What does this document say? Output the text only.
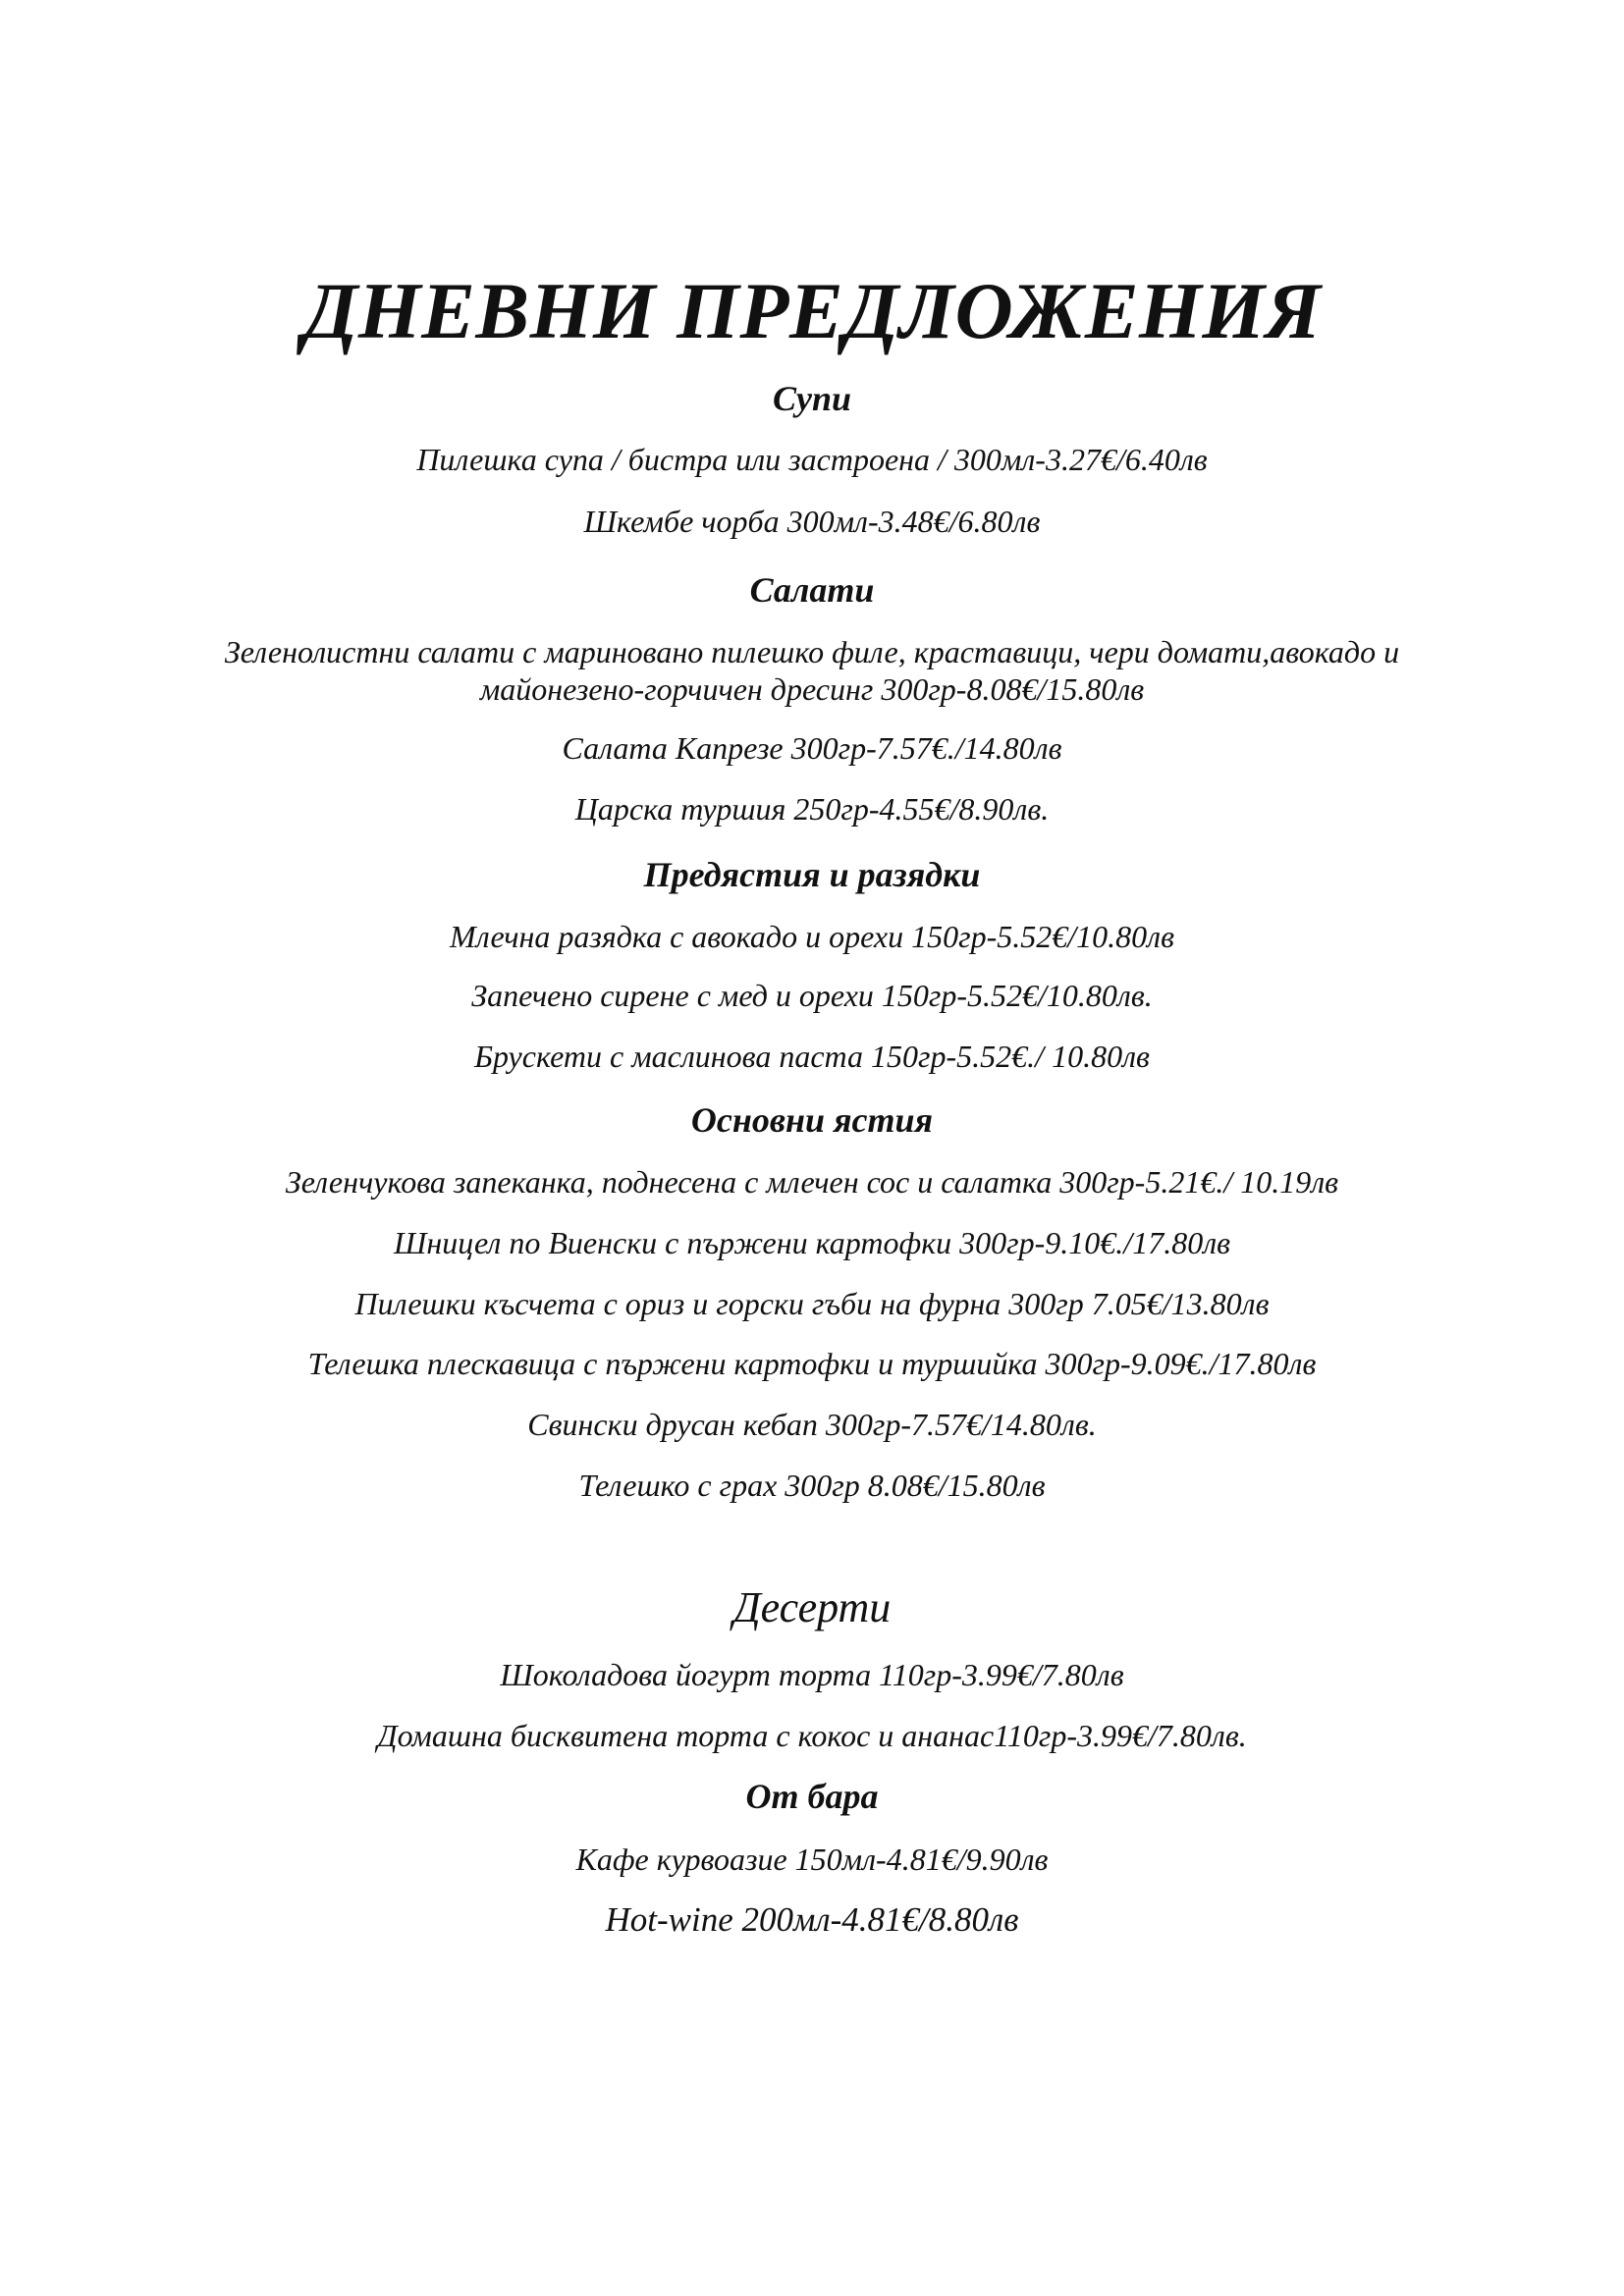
ДНЕВНИ ПРЕДЛОЖЕНИЯ
Супи
Пилешка супа / бистра или застроена / 300мл-3.27€/6.40лв
Шкембе чорба 300мл-3.48€/6.80лв
Салати
Зеленолистни салати с мариновано пилешко филе, краставици, чери домати,авокадо и
майонезено-горчичен дресинг 300гр-8.08€/15.80лв
Салата Капрезе 300гр-7.57€./14.80лв
Царска туршия 250гр-4.55€/8.90лв.
Предястия и разядки
Млечна разядка с авокадо и орехи 150гр-5.52€/10.80лв
Запечено сирене с мед и орехи 150гр-5.52€/10.80лв.
Брускети с маслинова паста 150гр-5.52€./ 10.80лв
Основни ястия
Зеленчукова запеканка, поднесена с млечен сос и салатка 300гр-5.21€./ 10.19лв
Шницел по Виенски с пържени картофки 300гр-9.10€./17.80лв
Пилешки късчета с ориз и горски гъби на фурна 300гр 7.05€/13.80лв
Телешка плескавица с пържени картофки и туршийка 300гр-9.09€./17.80лв
Свински друсан кебап 300гр-7.57€/14.80лв.
Телешко с грах 300гр 8.08€/15.80лв
Десерти
Шоколадова йогурт торта 110гр-3.99€/7.80лв
Домашна бисквитена торта с кокос и ананас110гр-3.99€/7.80лв.
От бара
Кафе курвоазие 150мл-4.81€/9.90лв
Hot-wine 200мл-4.81€/8.80лв
